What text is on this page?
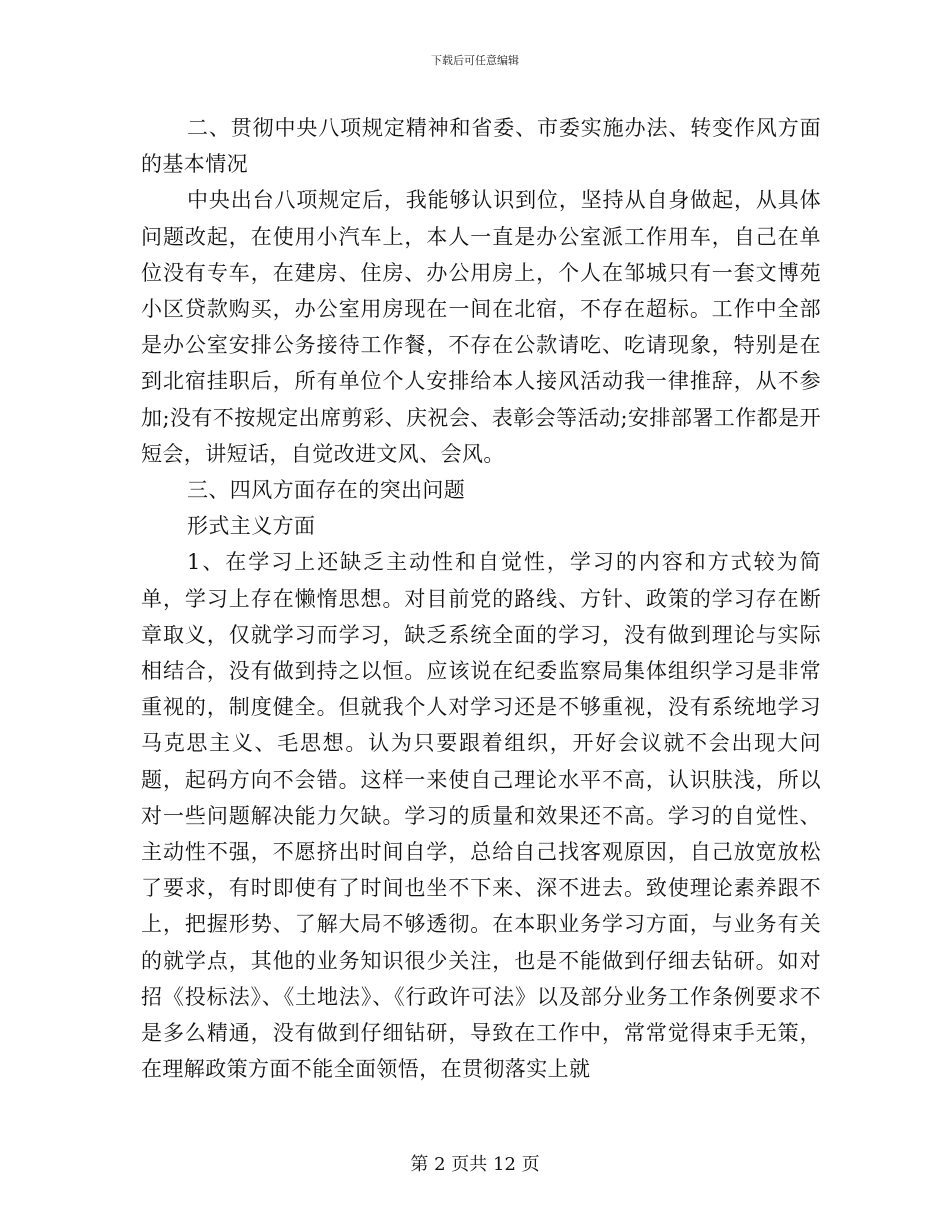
下载后可任意编辑

二、贯彻中央八项规定精神和省委、市委实施办法、转变作风方面的基本情况

中央出台八项规定后，我能够认识到位，坚持从自身做起，从具体问题改起，在使用小汽车上，本人一直是办公室派工作用车，自己在单位没有专车，在建房、住房、办公用房上，个人在邹城只有一套文博苑小区贷款购买，办公室用房现在一间在北宿，不存在超标。工作中全部是办公室安排公务接待工作餐，不存在公款请吃、吃请现象，特别是在到北宿挂职后，所有单位个人安排给本人接风活动我一律推辞，从不参加;没有不按规定出席剪彩、庆祝会、表彰会等活动;安排部署工作都是开短会，讲短话，自觉改进文风、会风。

三、四风方面存在的突出问题

形式主义方面

1、在学习上还缺乏主动性和自觉性，学习的内容和方式较为简单，学习上存在懒惰思想。对目前党的路线、方针、政策的学习存在断章取义，仅就学习而学习，缺乏系统全面的学习，没有做到理论与实际相结合，没有做到持之以恒。应该说在纪委监察局集体组织学习是非常重视的，制度健全。但就我个人对学习还是不够重视，没有系统地学习马克思主义、毛思想。认为只要跟着组织，开好会议就不会出现大问题，起码方向不会错。这样一来使自己理论水平不高，认识肤浅，所以对一些问题解决能力欠缺。学习的质量和效果还不高。学习的自觉性、主动性不强，不愿挤出时间自学，总给自己找客观原因，自己放宽放松了要求，有时即使有了时间也坐不下来、深不进去。致使理论素养跟不上，把握形势、了解大局不够透彻。在本职业务学习方面，与业务有关的就学点，其他的业务知识很少关注，也是不能做到仔细去钻研。如对招《投标法》、《土地法》、《行政许可法》以及部分业务工作条例要求不是多么精通，没有做到仔细钻研，导致在工作中，常常觉得束手无策，在理解政策方面不能全面领悟，在贯彻落实上就

第 2 页共 12 页
